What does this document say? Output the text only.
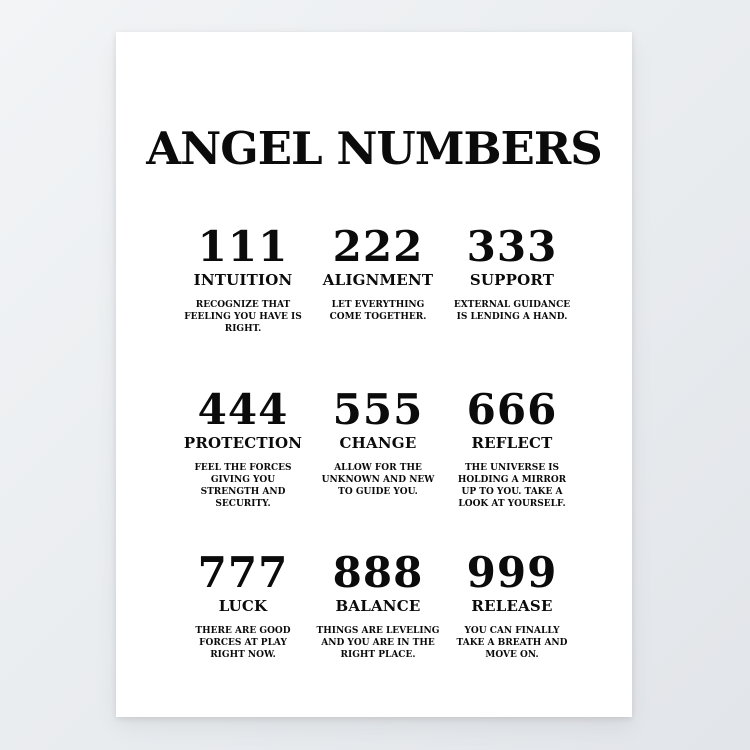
ANGEL NUMBERS
111
INTUITION
RECOGNIZE THAT FEELING YOU HAVE IS RIGHT.
222
ALIGNMENT
LET EVERYTHING COME TOGETHER.
333
SUPPORT
EXTERNAL GUIDANCE IS LENDING A HAND.
444
PROTECTION
FEEL THE FORCES GIVING YOU STRENGTH AND SECURITY.
555
CHANGE
ALLOW FOR THE UNKNOWN AND NEW TO GUIDE YOU.
666
REFLECT
THE UNIVERSE IS HOLDING A MIRROR UP TO YOU. TAKE A LOOK AT YOURSELF.
777
LUCK
THERE ARE GOOD FORCES AT PLAY RIGHT NOW.
888
BALANCE
THINGS ARE LEVELING AND YOU ARE IN THE RIGHT PLACE.
999
RELEASE
YOU CAN FINALLY TAKE A BREATH AND MOVE ON.
